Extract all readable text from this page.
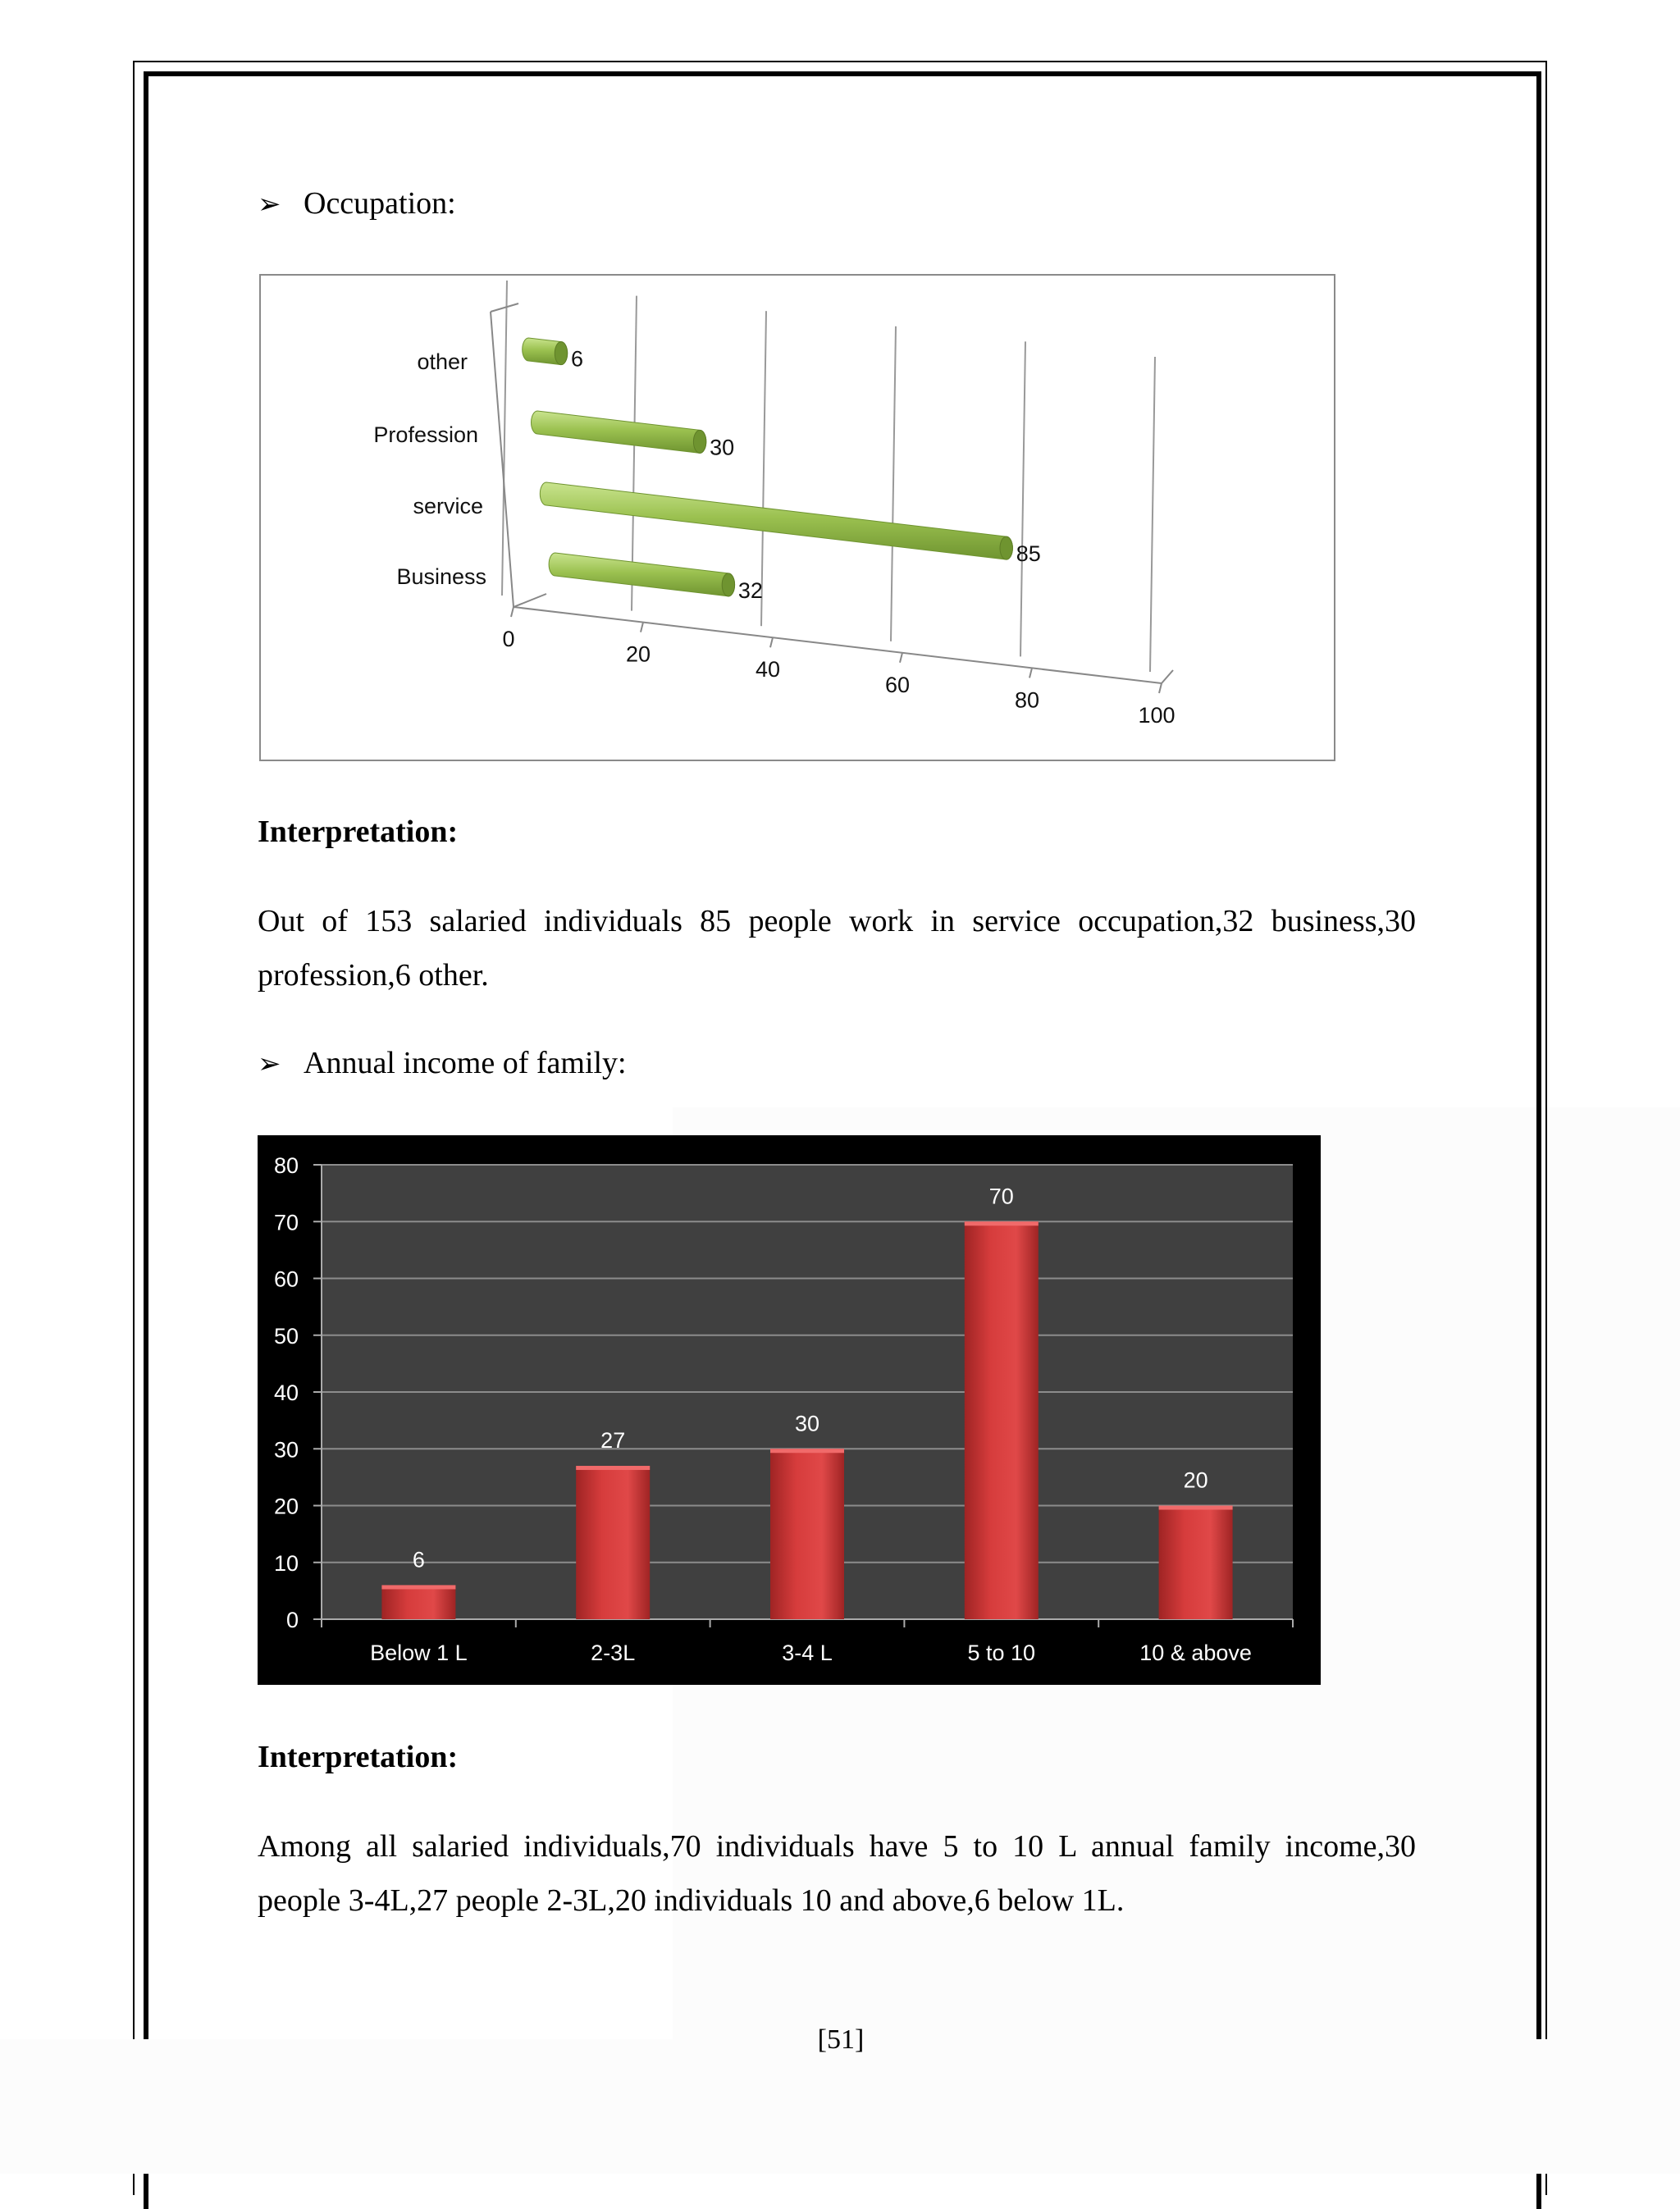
➢ Occupation:
0
20
40
60
80
100
Business
32
service
85
Profession
30
other	6
Interpretation:
Out of 153 salaried individuals 85 people work in service occupation,32 business,30 profession,6 other.
➢ Annual income of family:
0
10
20
30
40
50
60
70
80
6
Below 1 L
27
2-3L
30
3-4 L
70
5 to 10
20
10 & above
Interpretation:
Among all salaried individuals,70 individuals have 5 to 10 L annual family income,30 people 3-4L,27 people 2-3L,20 individuals 10 and above,6 below 1L.
